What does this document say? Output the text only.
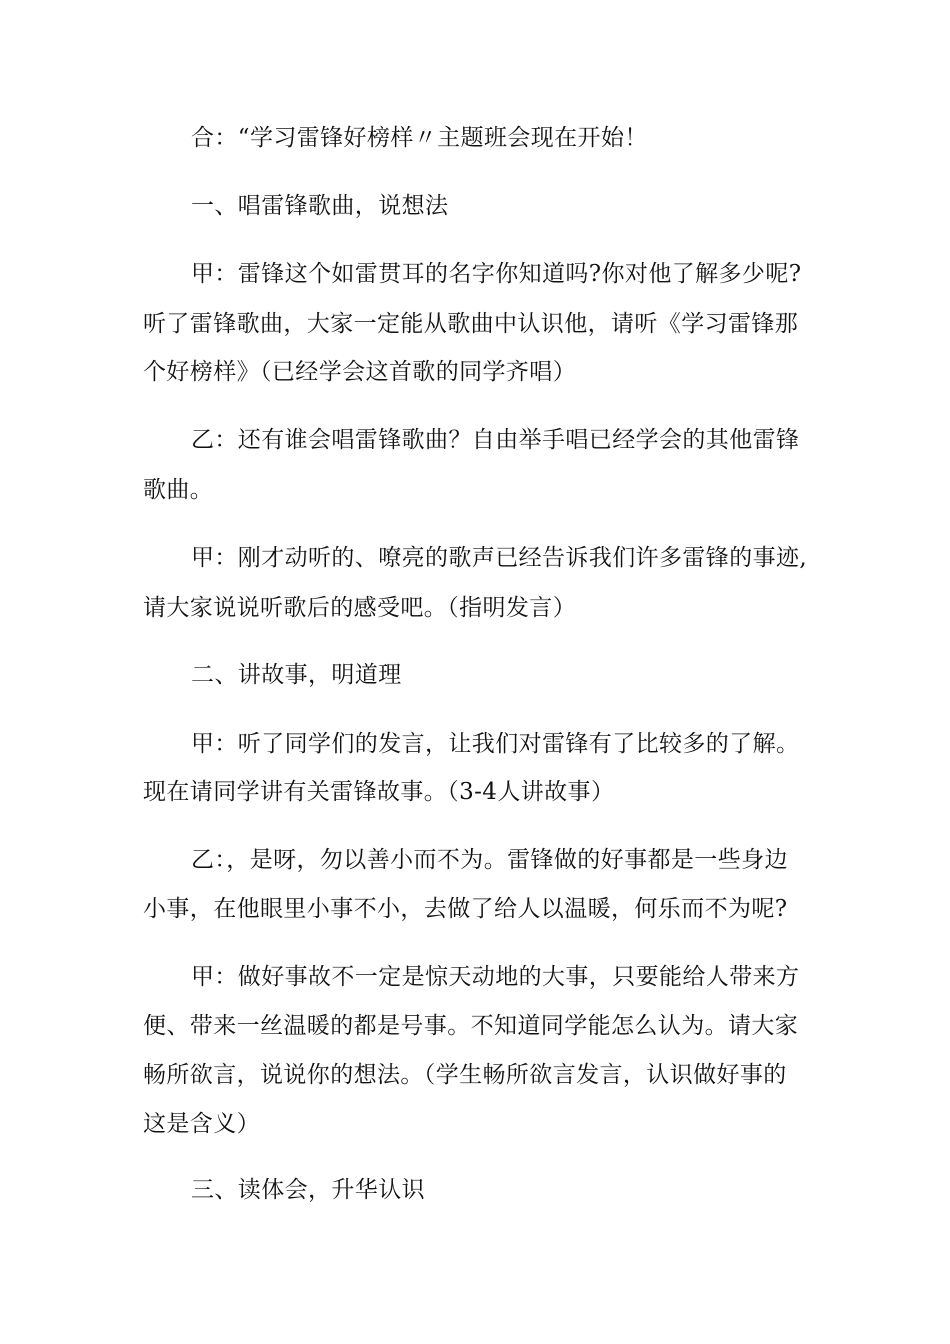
合：“学习雷锋好榜样〃主题班会现在开始！
一、唱雷锋歌曲，说想法
甲：雷锋这个如雷贯耳的名字你知道吗?你对他了解多少呢?
听了雷锋歌曲，大家一定能从歌曲中认识他，请听《学习雷锋那
个好榜样》（已经学会这首歌的同学齐唱）
乙：还有谁会唱雷锋歌曲？自由举手唱已经学会的其他雷锋
歌曲。
甲：刚才动听的、嘹亮的歌声已经告诉我们许多雷锋的事迹,
请大家说说听歌后的感受吧。（指明发言）
二、讲故事，明道理
甲：听了同学们的发言，让我们对雷锋有了比较多的了解。
现在请同学讲有关雷锋故事。（3-4人讲故事）
乙：，是呀，勿以善小而不为。雷锋做的好事都是一些身边
小事，在他眼里小事不小，去做了给人以温暖，何乐而不为呢?
甲：做好事故不一定是惊天动地的大事，只要能给人带来方
便、带来一丝温暖的都是号事。不知道同学能怎么认为。请大家
畅所欲言，说说你的想法。（学生畅所欲言发言，认识做好事的
这是含义）
三、读体会，升华认识
